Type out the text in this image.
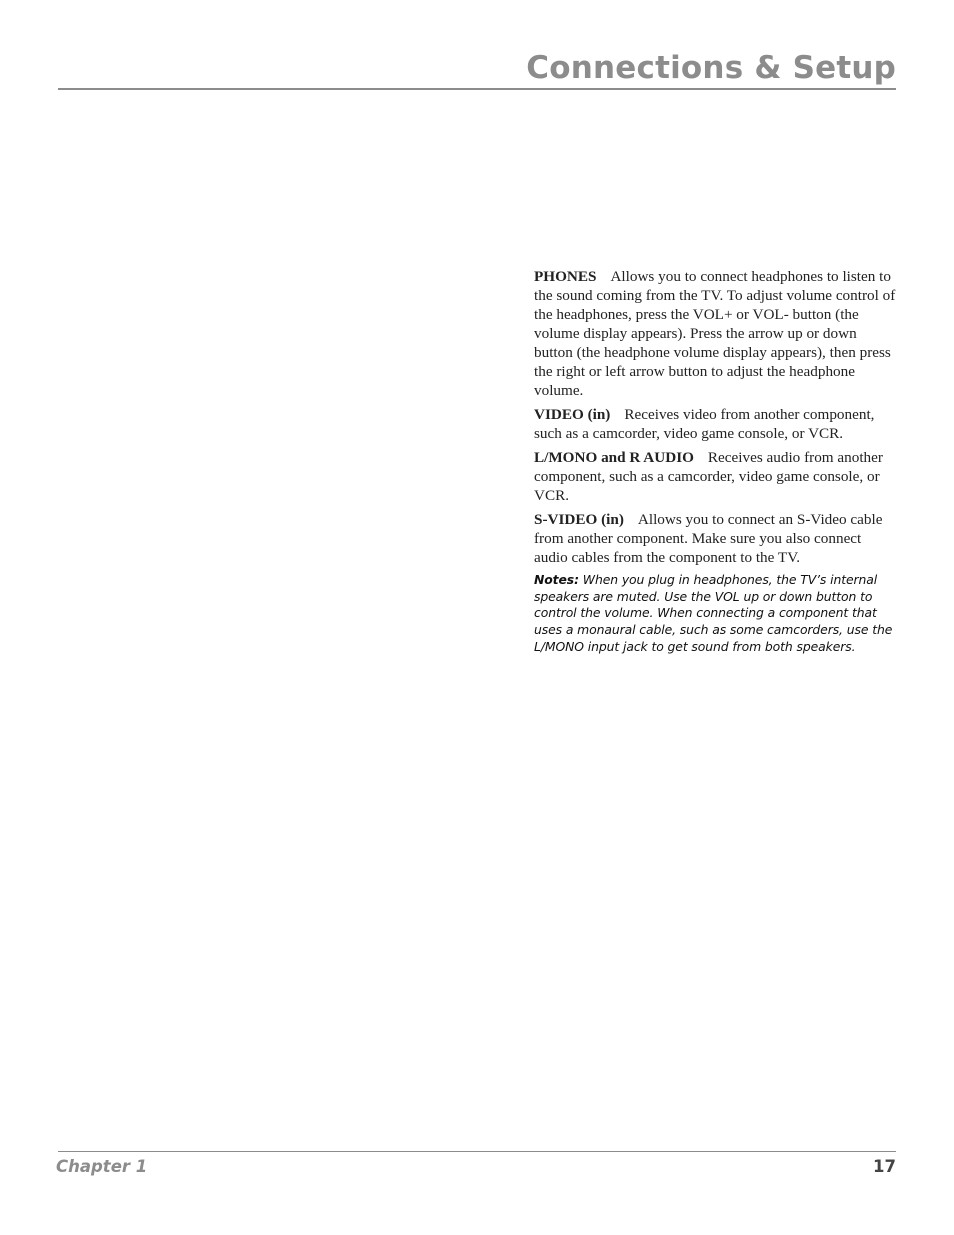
Connections & Setup

PHONES Allows you to connect headphones to listen to the sound coming from the TV. To adjust volume control of the headphones, press the VOL+ or VOL- button (the volume display appears). Press the arrow up or down button (the headphone volume display appears), then press the right or left arrow button to adjust the headphone volume.

VIDEO (in) Receives video from another component, such as a camcorder, video game console, or VCR.

L/MONO and R AUDIO Receives audio from another component, such as a camcorder, video game console, or VCR.

S-VIDEO (in) Allows you to connect an S-Video cable from another component. Make sure you also connect audio cables from the component to the TV.

Notes: When you plug in headphones, the TV’s internal speakers are muted. Use the VOL up or down button to control the volume. When connecting a component that uses a monaural cable, such as some camcorders, use the L/MONO input jack to get sound from both speakers.

Chapter 1	17
